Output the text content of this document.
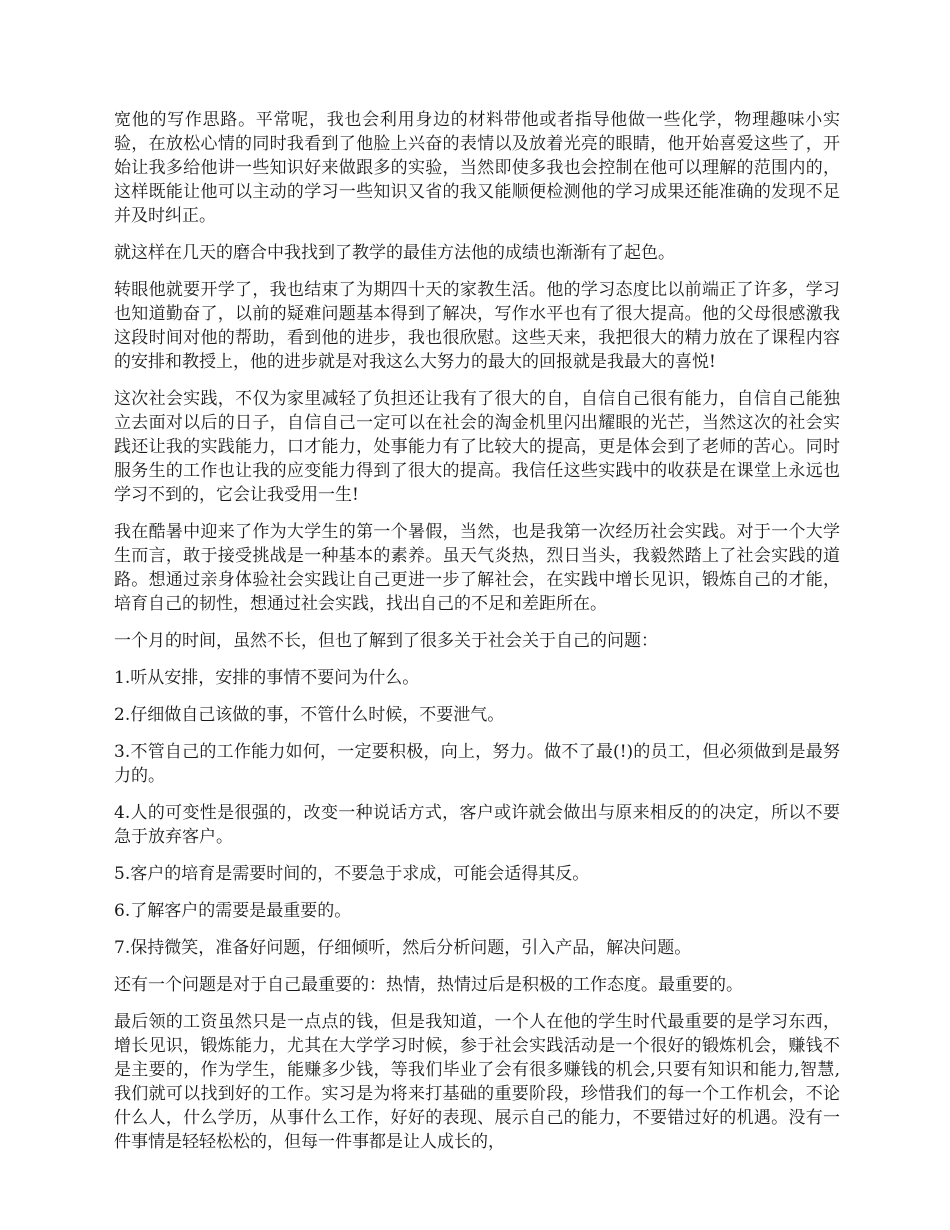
宽他的写作思路。平常呢，我也会利用身边的材料带他或者指导他做一些化学，物理趣味小实验，在放松心情的同时我看到了他脸上兴奋的表情以及放着光亮的眼睛，他开始喜爱这些了，开始让我多给他讲一些知识好来做跟多的实验，当然即使多我也会控制在他可以理解的范围内的，这样既能让他可以主动的学习一些知识又省的我又能顺便检测他的学习成果还能准确的发现不足并及时纠正。

就这样在几天的磨合中我找到了教学的最佳方法他的成绩也渐渐有了起色。

转眼他就要开学了，我也结束了为期四十天的家教生活。他的学习态度比以前端正了许多，学习也知道勤奋了，以前的疑难问题基本得到了解决，写作水平也有了很大提高。他的父母很感激我这段时间对他的帮助，看到他的进步，我也很欣慰。这些天来，我把很大的精力放在了课程内容的安排和教授上，他的进步就是对我这么大努力的最大的回报就是我最大的喜悦!

这次社会实践，不仅为家里减轻了负担还让我有了很大的自，自信自己很有能力，自信自己能独立去面对以后的日子，自信自己一定可以在社会的淘金机里闪出耀眼的光芒，当然这次的社会实践还让我的实践能力，口才能力，处事能力有了比较大的提高，更是体会到了老师的苦心。同时服务生的工作也让我的应变能力得到了很大的提高。我信任这些实践中的收获是在课堂上永远也学习不到的，它会让我受用一生!

我在酷暑中迎来了作为大学生的第一个暑假，当然，也是我第一次经历社会实践。对于一个大学生而言，敢于接受挑战是一种基本的素养。虽天气炎热，烈日当头，我毅然踏上了社会实践的道路。想通过亲身体验社会实践让自己更进一步了解社会，在实践中增长见识，锻炼自己的才能，培育自己的韧性，想通过社会实践，找出自己的不足和差距所在。

一个月的时间，虽然不长，但也了解到了很多关于社会关于自己的问题：

1.听从安排，安排的事情不要问为什么。

2.仔细做自己该做的事，不管什么时候，不要泄气。

3.不管自己的工作能力如何，一定要积极，向上，努力。做不了最(!)的员工，但必须做到是最努力的。

4.人的可变性是很强的，改变一种说话方式，客户或许就会做出与原来相反的的决定，所以不要急于放弃客户。

5.客户的培育是需要时间的，不要急于求成，可能会适得其反。

6.了解客户的需要是最重要的。

7.保持微笑，准备好问题，仔细倾听，然后分析问题，引入产品，解决问题。

还有一个问题是对于自己最重要的：热情，热情过后是积极的工作态度。最重要的。

最后领的工资虽然只是一点点的钱，但是我知道，一个人在他的学生时代最重要的是学习东西，增长见识，锻炼能力，尤其在大学学习时候，参于社会实践活动是一个很好的锻炼机会，赚钱不是主要的，作为学生，能赚多少钱，等我们毕业了会有很多赚钱的机会,只要有知识和能力,智慧,我们就可以找到好的工作。实习是为将来打基础的重要阶段，珍惜我们的每一个工作机会，不论什么人，什么学历，从事什么工作，好好的表现、展示自己的能力，不要错过好的机遇。没有一件事情是轻轻松松的，但每一件事都是让人成长的，
